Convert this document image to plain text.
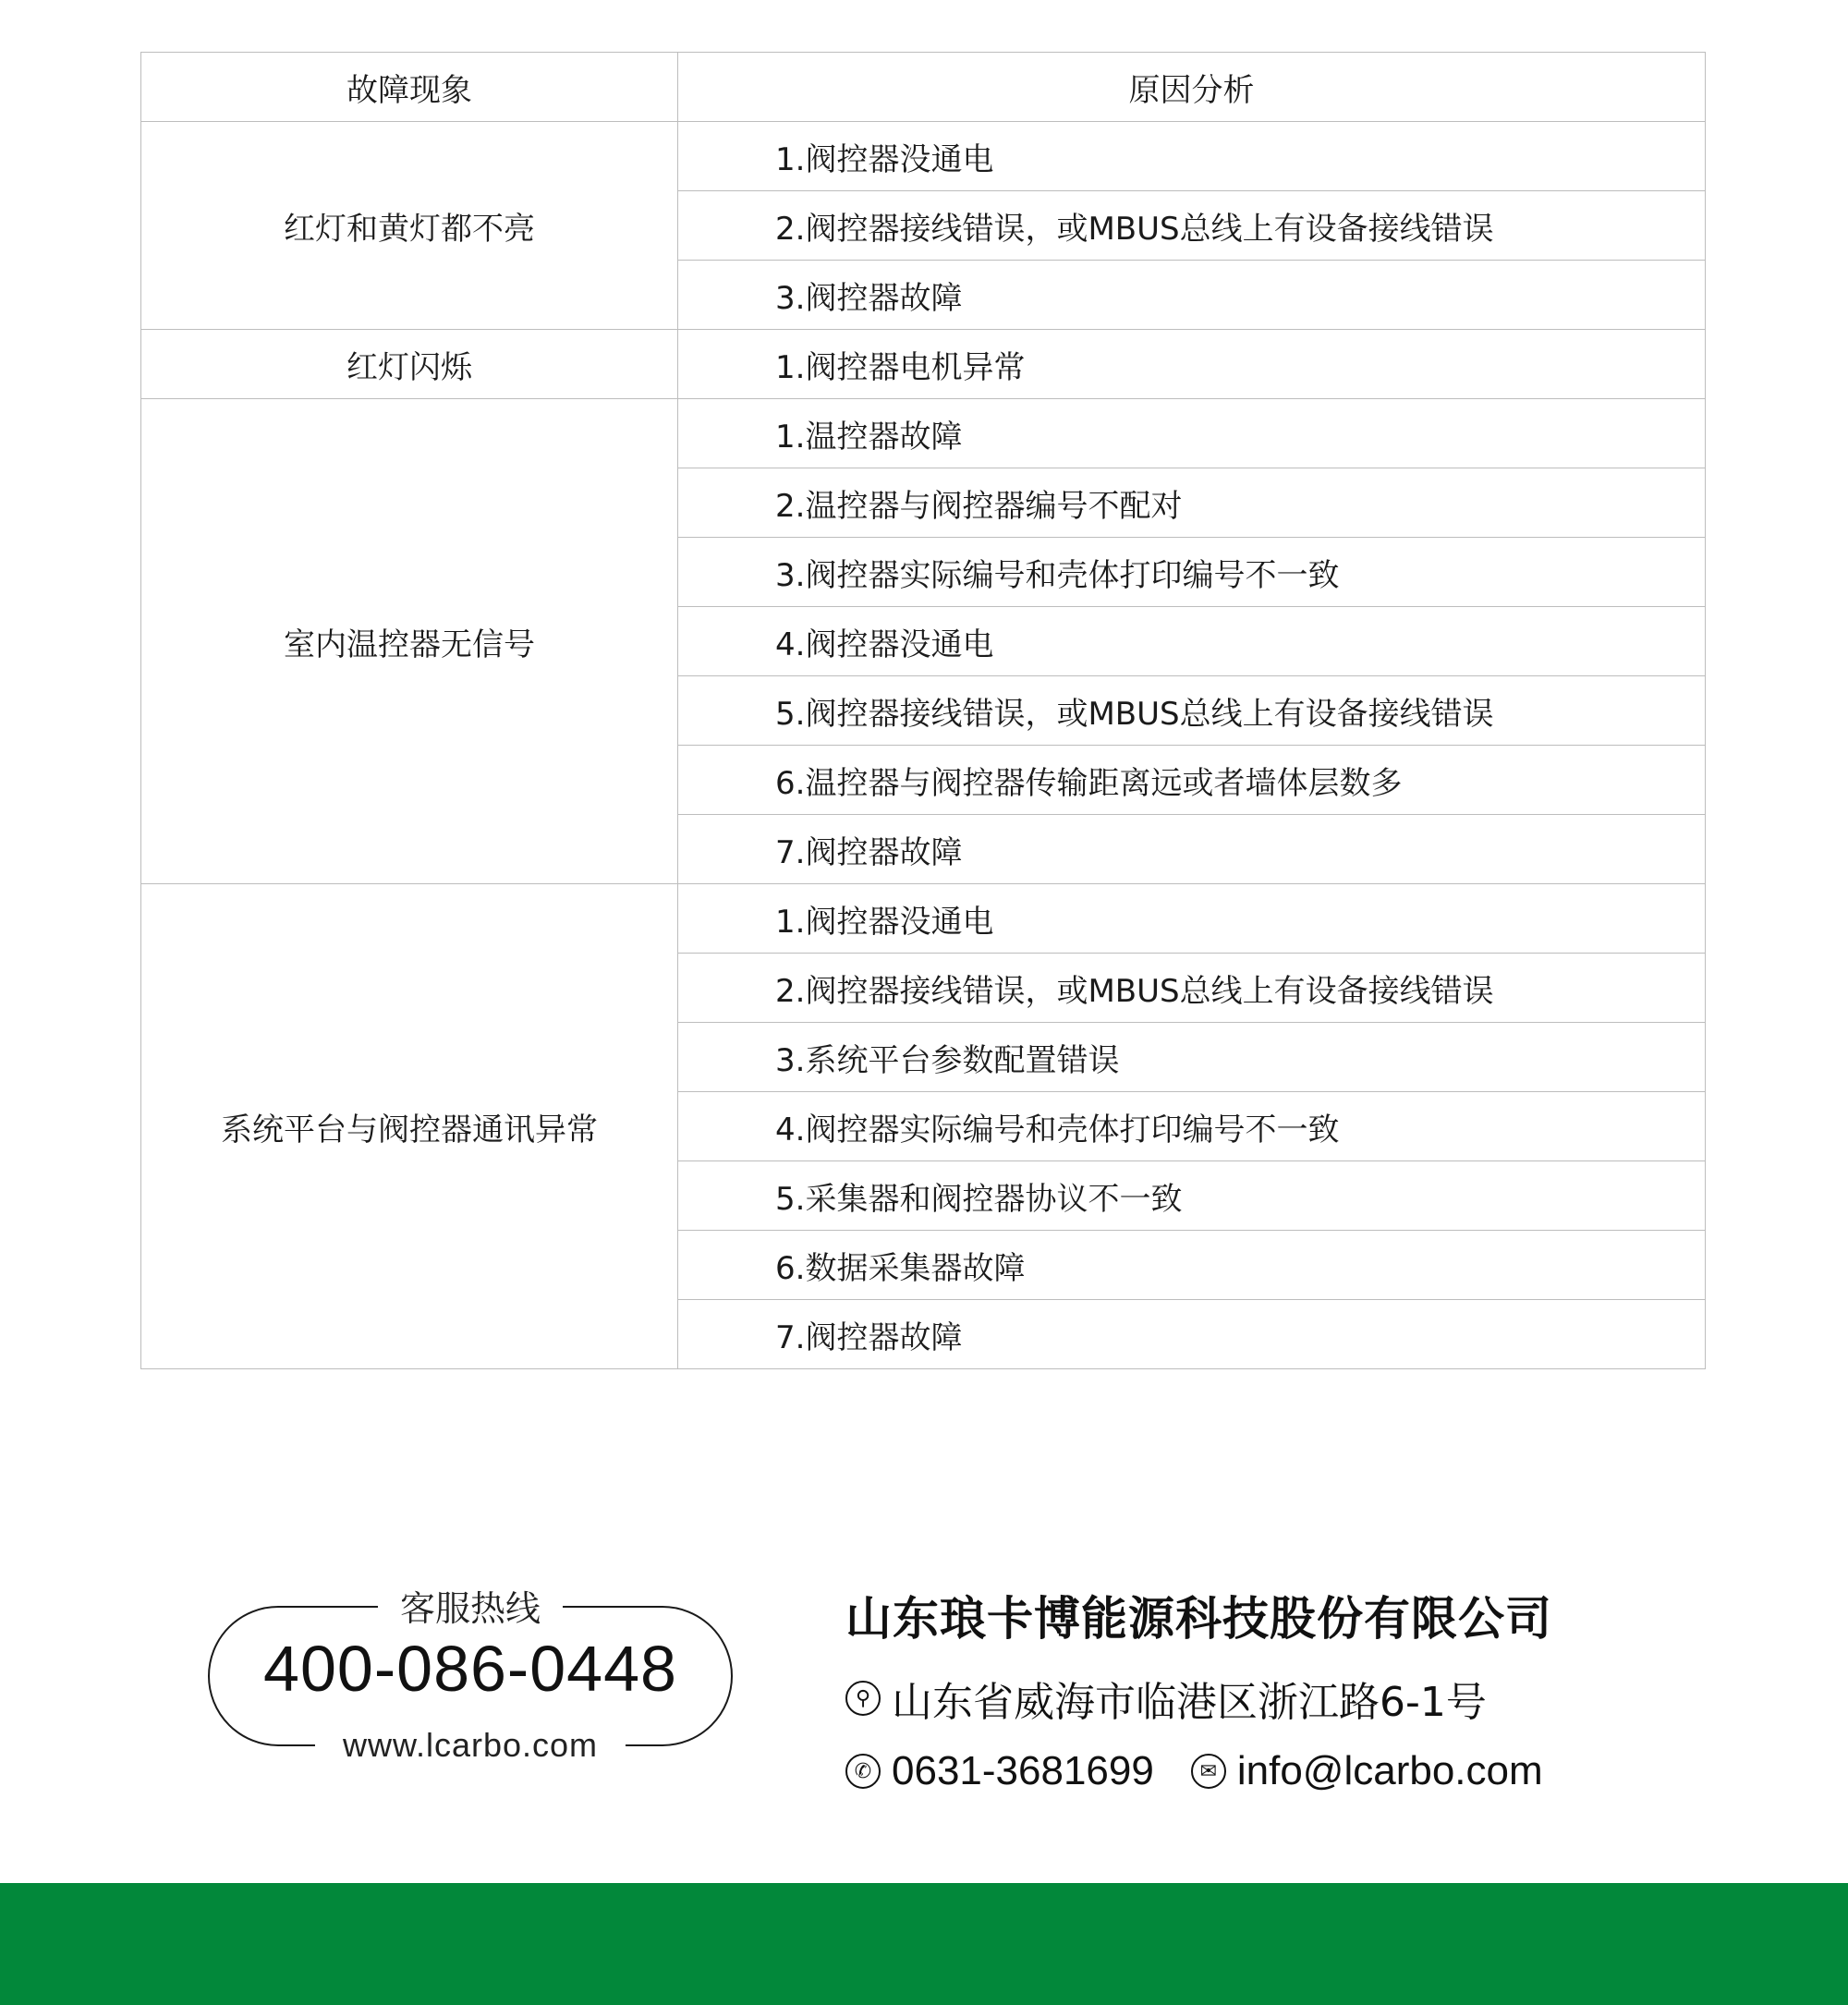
故障现象	原因分析
红灯和黄灯都不亮	1.阀控器没通电
	2.阀控器接线错误，或MBUS总线上有设备接线错误
	3.阀控器故障
红灯闪烁	1.阀控器电机异常
室内温控器无信号	1.温控器故障
	2.温控器与阀控器编号不配对
	3.阀控器实际编号和壳体打印编号不一致
	4.阀控器没通电
	5.阀控器接线错误，或MBUS总线上有设备接线错误
	6.温控器与阀控器传输距离远或者墙体层数多
	7.阀控器故障
系统平台与阀控器通讯异常	1.阀控器没通电
	2.阀控器接线错误，或MBUS总线上有设备接线错误
	3.系统平台参数配置错误
	4.阀控器实际编号和壳体打印编号不一致
	5.采集器和阀控器协议不一致
	6.数据采集器故障
	7.阀控器故障
客服热线
400-086-0448
www.lcarbo.com
山东琅卡博能源科技股份有限公司
⚲ 山东省威海市临港区浙江路6-1号
✆ 0631-3681699	✉ info@lcarbo.com
